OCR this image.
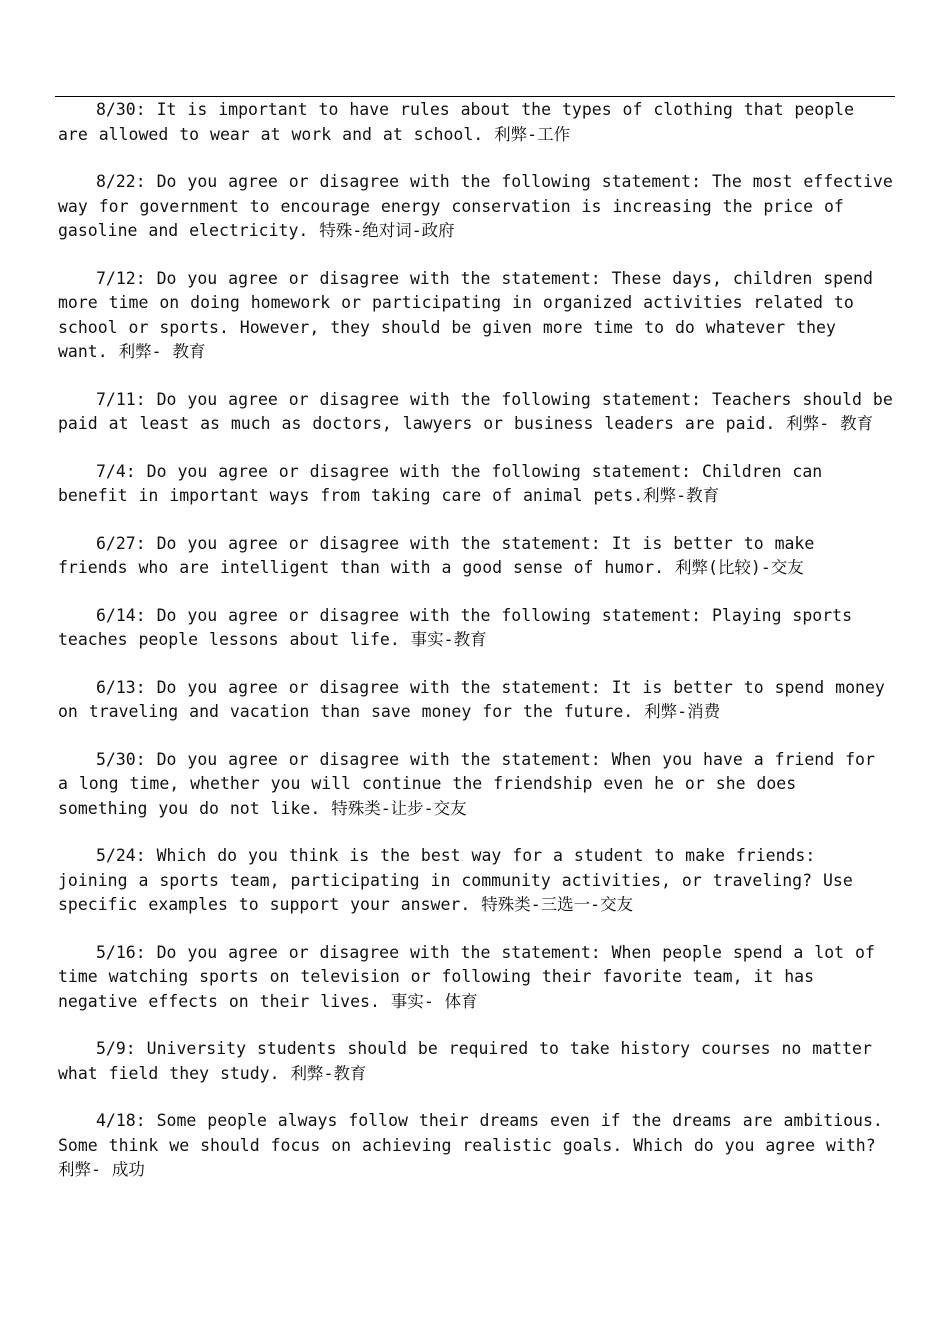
8/30: It is important to have rules about the types of clothing that people are allowed to wear at work and at school. 利弊-工作

8/22: Do you agree or disagree with the following statement: The most effective way for government to encourage energy conservation is increasing the price of gasoline and electricity. 特殊-绝对词-政府

7/12: Do you agree or disagree with the statement: These days, children spend more time on doing homework or participating in organized activities related to school or sports. However, they should be given more time to do whatever they want. 利弊- 教育

7/11: Do you agree or disagree with the following statement: Teachers should be paid at least as much as doctors, lawyers or business leaders are paid. 利弊- 教育

7/4: Do you agree or disagree with the following statement: Children can benefit in important ways from taking care of animal pets.利弊-教育

6/27: Do you agree or disagree with the statement: It is better to make friends who are intelligent than with a good sense of humor. 利弊(比较)-交友

6/14: Do you agree or disagree with the following statement: Playing sports teaches people lessons about life. 事实-教育

6/13: Do you agree or disagree with the statement: It is better to spend money on traveling and vacation than save money for the future. 利弊-消费

5/30: Do you agree or disagree with the statement: When you have a friend for a long time, whether you will continue the friendship even he or she does something you do not like. 特殊类-让步-交友

5/24: Which do you think is the best way for a student to make friends: joining a sports team, participating in community activities, or traveling? Use specific examples to support your answer. 特殊类-三选一-交友

5/16: Do you agree or disagree with the statement: When people spend a lot of time watching sports on television or following their favorite team, it has negative effects on their lives. 事实- 体育

5/9: University students should be required to take history courses no matter what field they study. 利弊-教育

4/18: Some people always follow their dreams even if the dreams are ambitious. Some think we should focus on achieving realistic goals. Which do you agree with? 利弊- 成功
